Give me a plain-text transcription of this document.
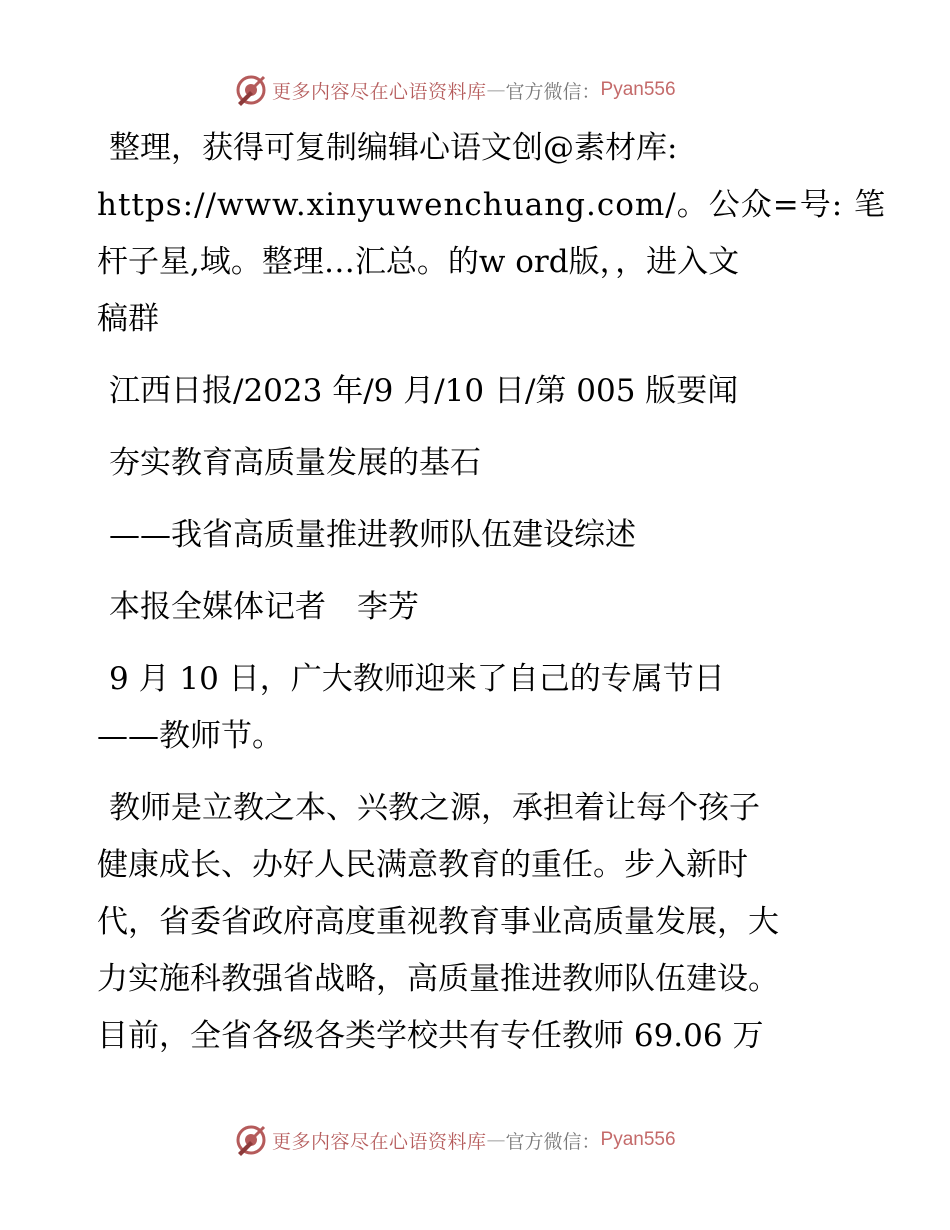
更多内容尽在心语资料库 — 官方微信： Pyan556

整理，获得可复制编辑心语文创@素材库:

https://www.xinyuwenchuang.com/。公众=号: 笔

杆子星,域。整理…汇总。的w ord版，，进入文

稿群

江西日报/2023 年/9 月/10 日/第 005 版要闻

夯实教育高质量发展的基石

——我省高质量推进教师队伍建设综述

本报全媒体记者　李芳

9 月 10 日，广大教师迎来了自己的专属节日

——教师节。

教师是立教之本、兴教之源，承担着让每个孩子

健康成长、办好人民满意教育的重任。步入新时

代，省委省政府高度重视教育事业高质量发展，大

力实施科教强省战略，高质量推进教师队伍建设。

目前，全省各级各类学校共有专任教师 69.06 万

更多内容尽在心语资料库 — 官方微信： Pyan556
